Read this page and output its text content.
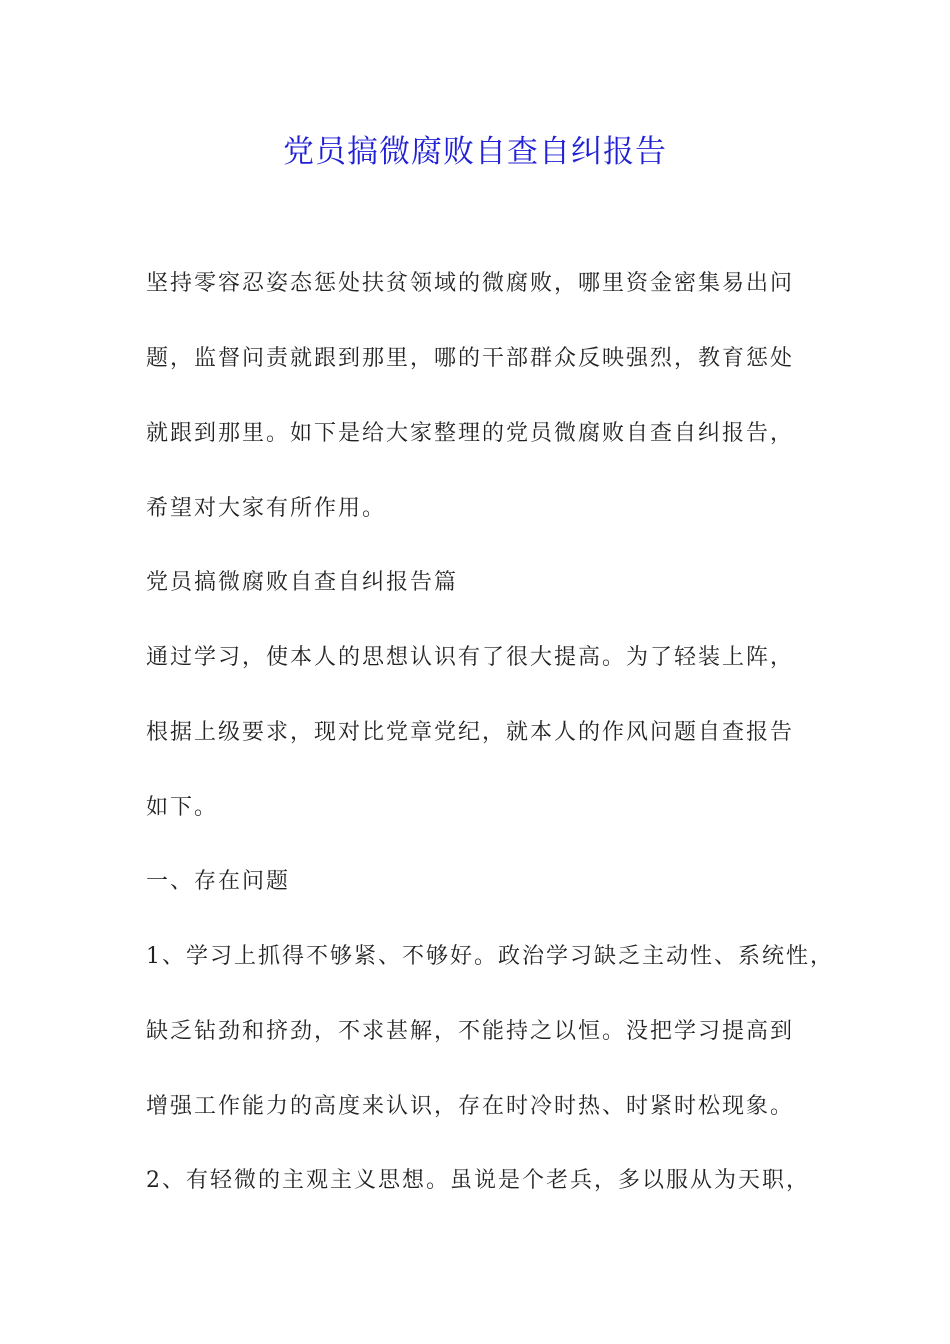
党员搞微腐败自查自纠报告
坚持零容忍姿态惩处扶贫领域的微腐败，哪里资金密集易出问
题，监督问责就跟到那里，哪的干部群众反映强烈，教育惩处
就跟到那里。如下是给大家整理的党员微腐败自查自纠报告，
希望对大家有所作用。
党员搞微腐败自查自纠报告篇
通过学习，使本人的思想认识有了很大提高。为了轻装上阵，
根据上级要求，现对比党章党纪，就本人的作风问题自查报告
如下。
一、存在问题
1、学习上抓得不够紧、不够好。政治学习缺乏主动性、系统性，
缺乏钻劲和挤劲，不求甚解，不能持之以恒。没把学习提高到
增强工作能力的高度来认识，存在时冷时热、时紧时松现象。
2、有轻微的主观主义思想。虽说是个老兵，多以服从为天职，
